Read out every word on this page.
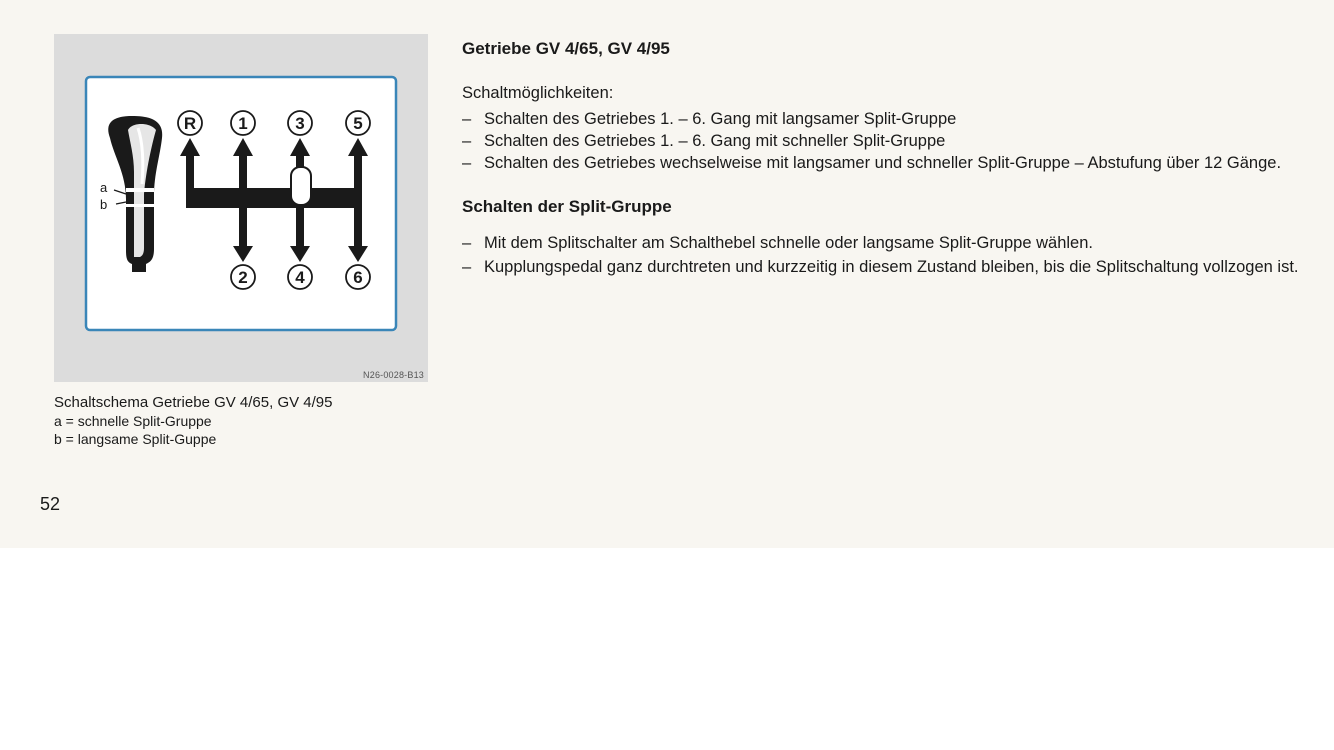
a
b
R 1	3	5
2	4	6
N26-0028-B13
Schaltschema Getriebe GV 4/65, GV 4/95
a = schnelle Split-Gruppe
b = langsame Split-Guppe
52
Getriebe GV 4/65, GV 4/95

Schaltmöglichkeiten:

– Schalten des Getriebes 1. – 6. Gang mit langsamer Split-Gruppe
– Schalten des Getriebes 1. – 6. Gang mit schneller Split-Gruppe
– Schalten des Getriebes wechselweise mit langsamer und schneller Split-Gruppe – Abstufung über 12 Gänge.
Schalten der Split-Gruppe
– Mit dem Splitschalter am Schalthebel schnelle oder langsame Split-Gruppe wählen.
– Kupplungspedal ganz durchtreten und kurzzeitig in diesem Zustand bleiben, bis die Splitschaltung vollzogen ist.
